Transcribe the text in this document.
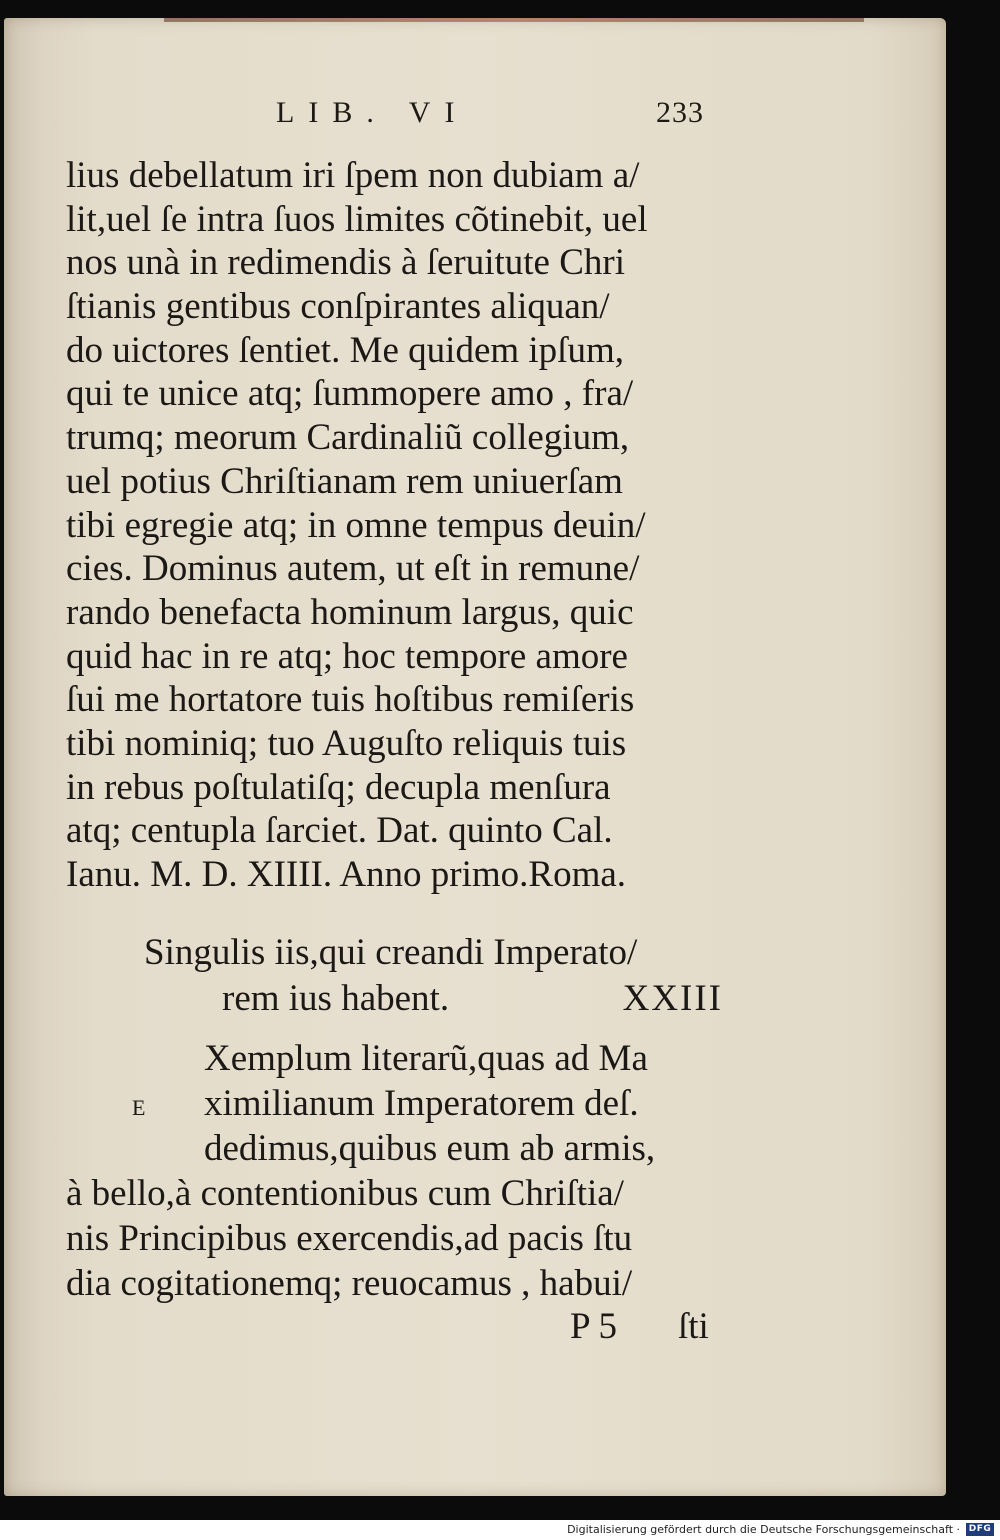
LIB. VI	233
lius debellatum iri ſpem non dubiam a/
lit,uel ſe intra ſuos limites cõtinebit, uel
nos unà in redimendis à ſeruitute Chri
ſtianis gentibus conſpirantes aliquan/
do uictores ſentiet. Me quidem ipſum,
qui te unice atq; ſummopere amo , fra/
trumq; meorum Cardinaliũ collegium,
uel potius Chriſtianam rem uniuerſam
tibi egregie atq; in omne tempus deuin/
cies. Dominus autem, ut eſt in remune/
rando benefacta hominum largus, quic
quid hac in re atq; hoc tempore amore
ſui me hortatore tuis hoſtibus remiſeris
tibi nominiq; tuo Auguſto reliquis tuis
in rebus poſtulatiſq; decupla menſura
atq; centupla ſarciet. Dat. quinto Cal.
Ianu. M. D. XIIII. Anno primo.Roma.
Singulis iis,qui creandi Imperato/
rem ius habent.	XXIII
Xemplum literarũ,quas ad Ma
E ximilianum Imperatorem deſ.
dedimus,quibus eum ab armis,
à bello,à contentionibus cum Chriſtia/
nis Principibus exercendis,ad pacis ſtu
dia cogitationemq; reuocamus , habui/
P 5 ſti
Digitalisierung gefördert durch die Deutsche Forschungsgemeinschaft · DFG
